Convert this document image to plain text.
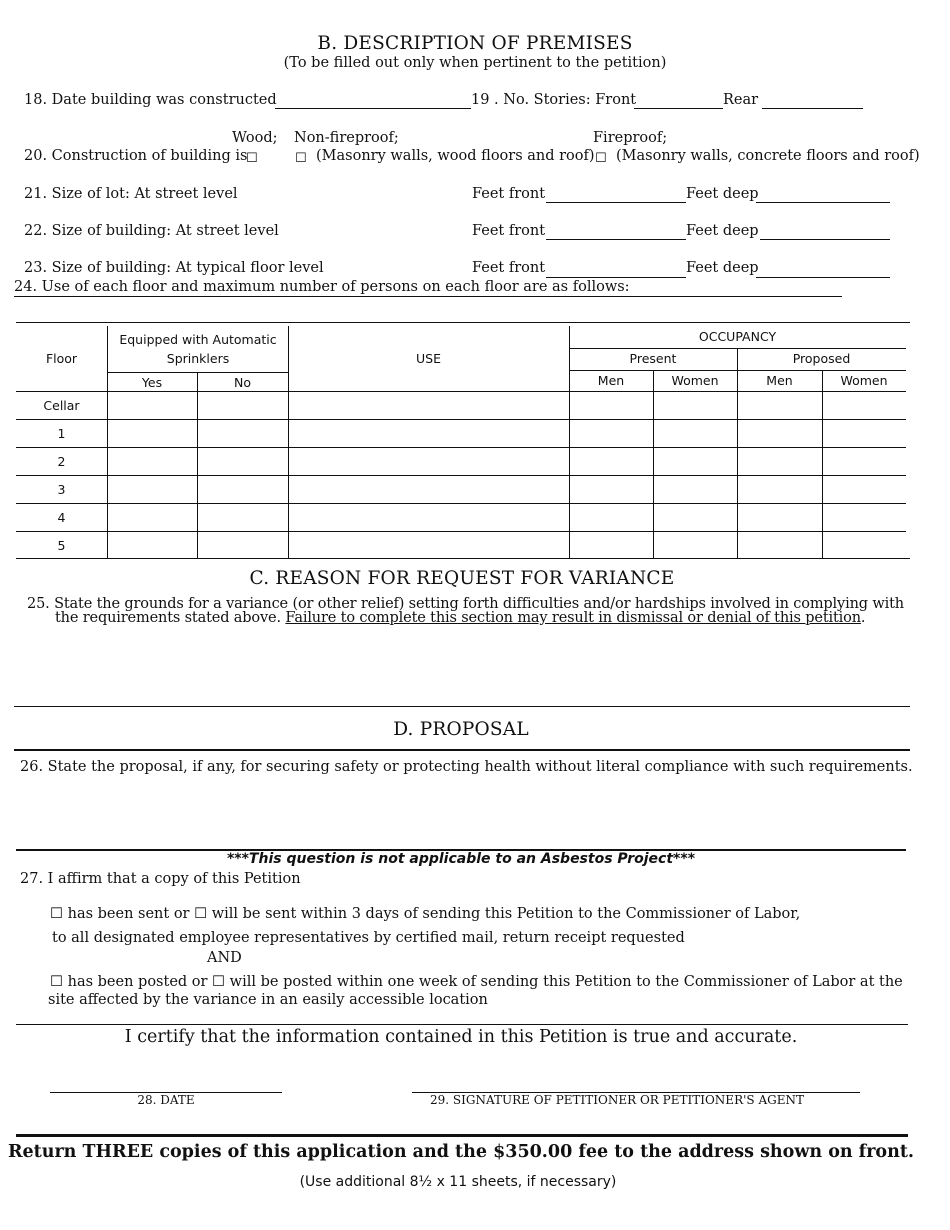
B. DESCRIPTION OF PREMISES
(To be filled out only when pertinent to the petition)
18. Date building was constructed	19 . No. Stories: Front	Rear
Wood; Non-fireproof;	Fireproof;
20. Construction of building is
☐	☐ (Masonry walls, wood floors and roof) ☐ (Masonry walls, concrete floors and roof)
21. Size of lot: At street level	Feet front	Feet deep
22. Size of building: At street level	Feet front	Feet deep
23. Size of building: At typical floor level	Feet front	Feet deep
24. Use of each floor and maximum number of persons on each floor are as follows:
Floor
Equipped with Automatic
Sprinklers
Yes	No
USE
OCCUPANCY
Present	Proposed
Men	Women	Men	Women
Cellar
1
2
3
4
5
C. REASON FOR REQUEST FOR VARIANCE
25. State the grounds for a variance (or other relief) setting forth difficulties and/or hardships involved in complying with
the requirements stated above. Failure to complete this section may result in dismissal or denial of this petition.
D. PROPOSAL
26. State the proposal, if any, for securing safety or protecting health without literal compliance with such requirements.
***This question is not applicable to an Asbestos Project***
27. I affirm that a copy of this Petition
☐ has been sent or ☐ will be sent within 3 days of sending this Petition to the Commissioner of Labor,
to all designated employee representatives by certified mail, return receipt requested
AND
☐ has been posted or ☐ will be posted within one week of sending this Petition to the Commissioner of Labor at the
site affected by the variance in an easily accessible location
I certify that the information contained in this Petition is true and accurate.
28. DATE	29. SIGNATURE OF PETITIONER OR PETITIONER'S AGENT
Return THREE copies of this application and the $350.00 fee to the address shown on front.
(Use additional 8½ x 11 sheets, if necessary)
